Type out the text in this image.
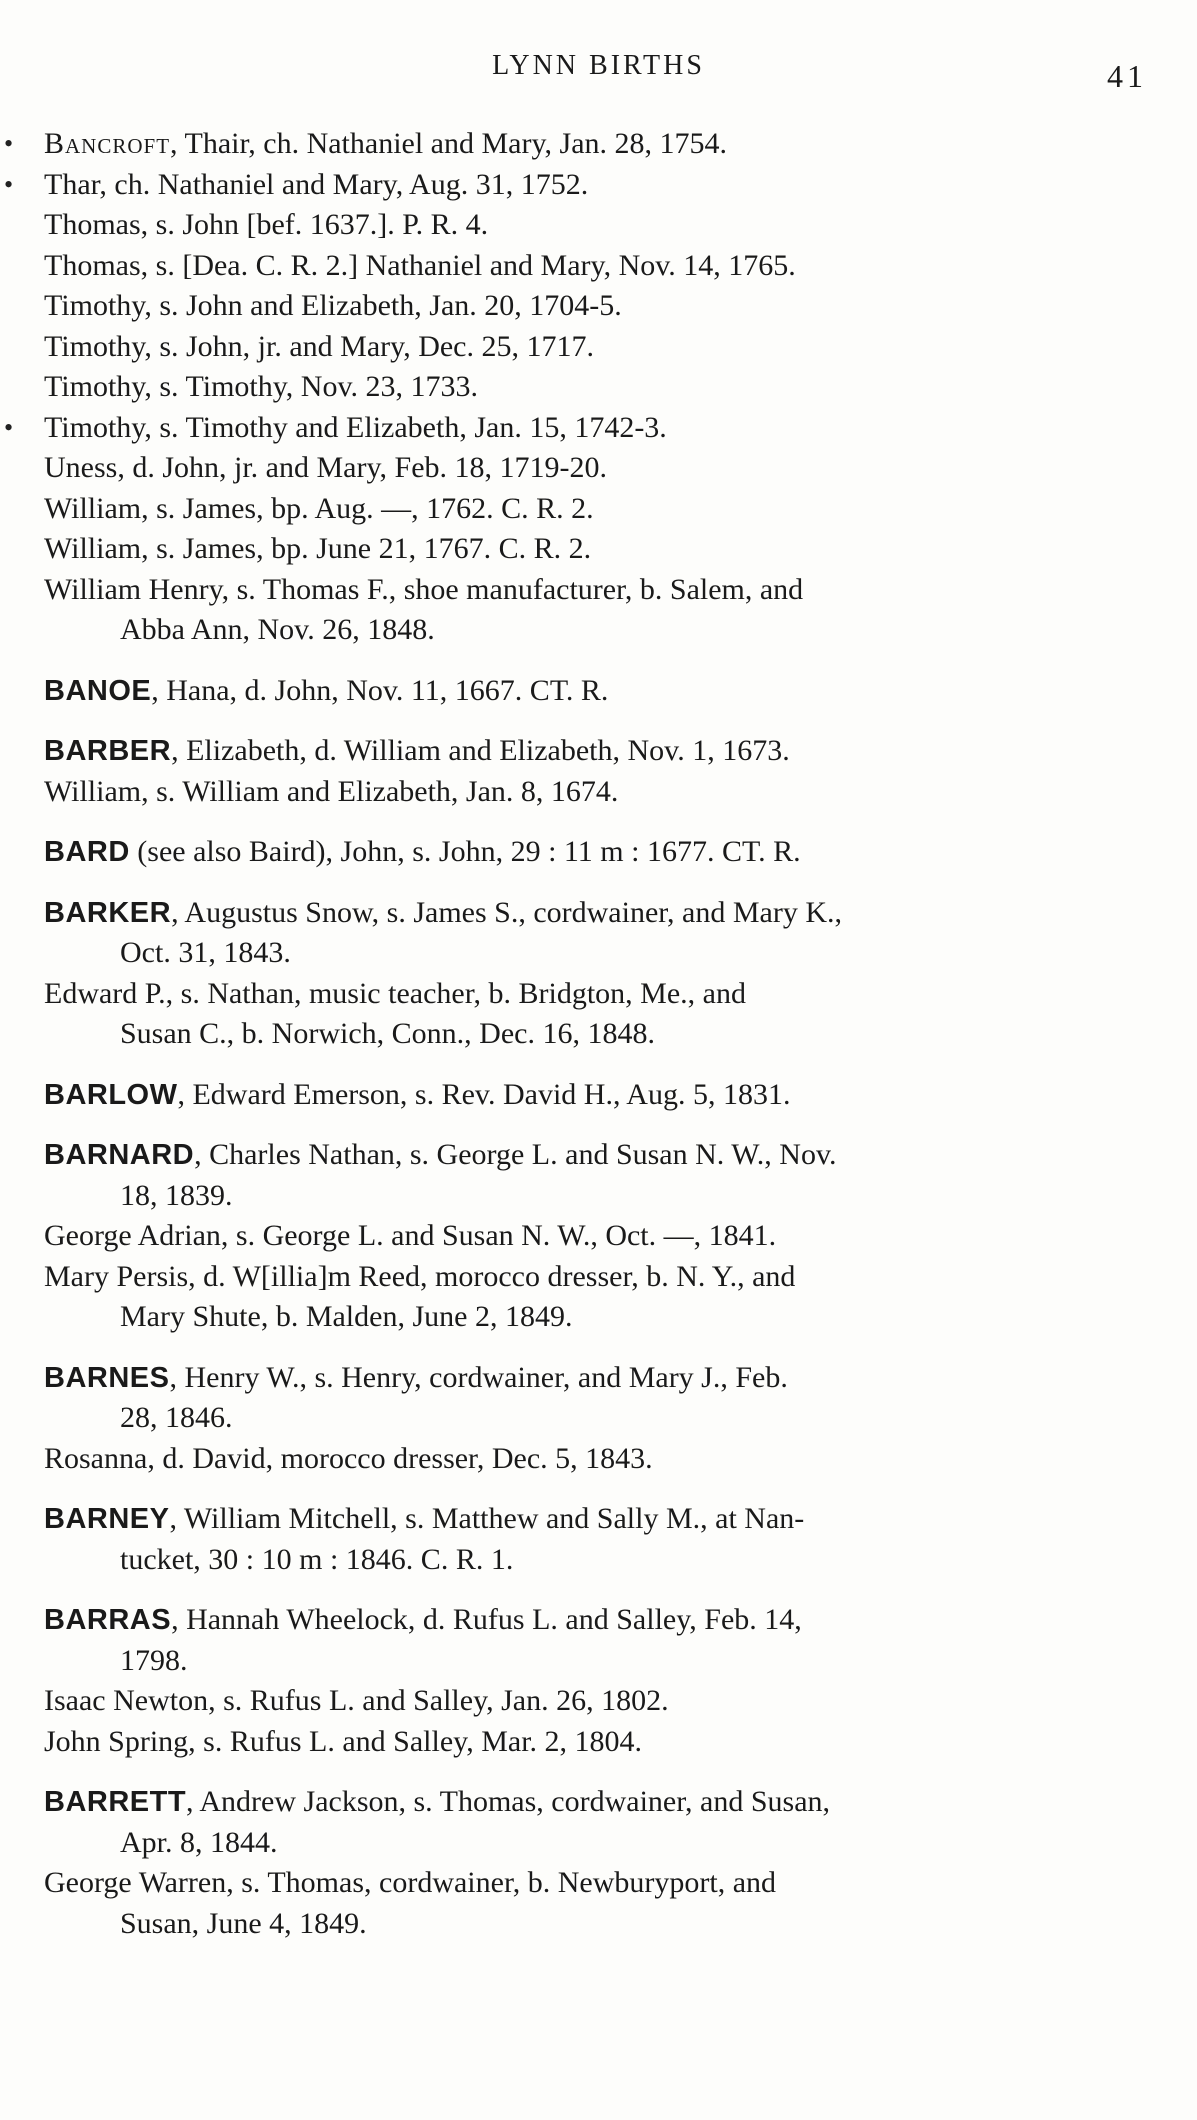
LYNN BIRTHS	41
• Bancroft, Thair, ch. Nathaniel and Mary, Jan. 28, 1754.
• Thar, ch. Nathaniel and Mary, Aug. 31, 1752.
Thomas, s. John [bef. 1637.]. P. R. 4.
Thomas, s. [Dea. C. R. 2.] Nathaniel and Mary, Nov. 14, 1765.
Timothy, s. John and Elizabeth, Jan. 20, 1704-5.
Timothy, s. John, jr. and Mary, Dec. 25, 1717.
Timothy, s. Timothy, Nov. 23, 1733.
• Timothy, s. Timothy and Elizabeth, Jan. 15, 1742-3.
Uness, d. John, jr. and Mary, Feb. 18, 1719-20.
William, s. James, bp. Aug. —, 1762. C. R. 2.
William, s. James, bp. June 21, 1767. C. R. 2.
William Henry, s. Thomas F., shoe manufacturer, b. Salem, and
Abba Ann, Nov. 26, 1848.
BANOE, Hana, d. John, Nov. 11, 1667. CT. R.
BARBER, Elizabeth, d. William and Elizabeth, Nov. 1, 1673.
William, s. William and Elizabeth, Jan. 8, 1674.
BARD (see also Baird), John, s. John, 29 : 11 m : 1677. CT. R.
BARKER, Augustus Snow, s. James S., cordwainer, and Mary K.,
Oct. 31, 1843.
Edward P., s. Nathan, music teacher, b. Bridgton, Me., and
Susan C., b. Norwich, Conn., Dec. 16, 1848.
BARLOW, Edward Emerson, s. Rev. David H., Aug. 5, 1831.
BARNARD, Charles Nathan, s. George L. and Susan N. W., Nov.
18, 1839.
George Adrian, s. George L. and Susan N. W., Oct. —, 1841.
Mary Persis, d. W[illia]m Reed, morocco dresser, b. N. Y., and
Mary Shute, b. Malden, June 2, 1849.
BARNES, Henry W., s. Henry, cordwainer, and Mary J., Feb.
28, 1846.
Rosanna, d. David, morocco dresser, Dec. 5, 1843.
BARNEY, William Mitchell, s. Matthew and Sally M., at Nan-
tucket, 30 : 10 m : 1846. C. R. 1.
BARRAS, Hannah Wheelock, d. Rufus L. and Salley, Feb. 14,
1798.
Isaac Newton, s. Rufus L. and Salley, Jan. 26, 1802.
John Spring, s. Rufus L. and Salley, Mar. 2, 1804.
BARRETT, Andrew Jackson, s. Thomas, cordwainer, and Susan,
Apr. 8, 1844.
George Warren, s. Thomas, cordwainer, b. Newburyport, and
Susan, June 4, 1849.
